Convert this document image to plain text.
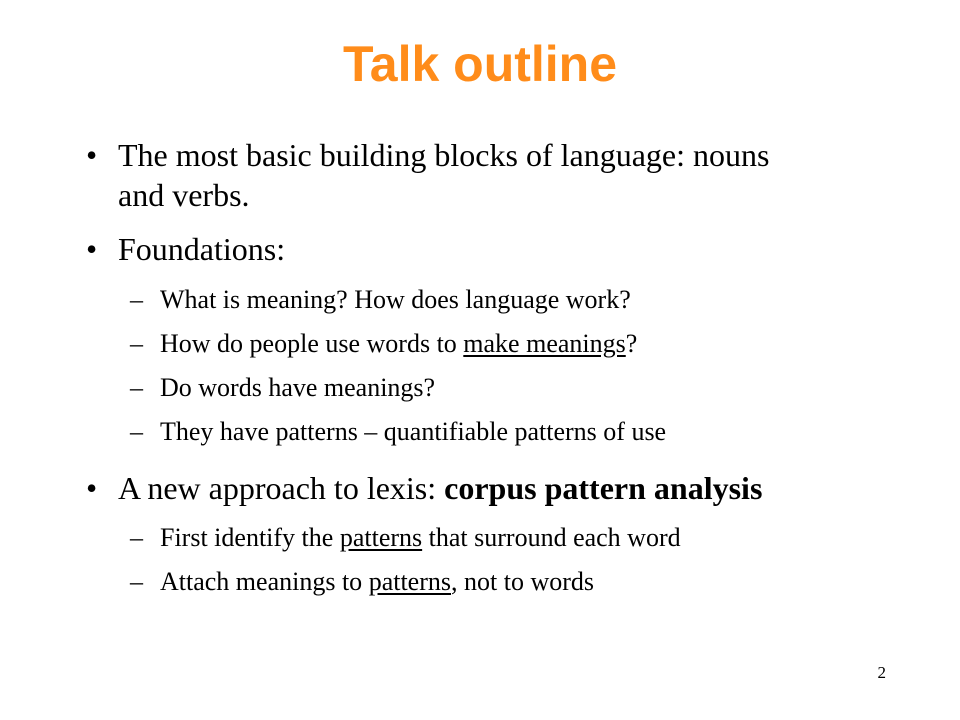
Talk outline
• The most basic building blocks of language: nouns
and verbs.
• Foundations:
– What is meaning? How does language work?
– How do people use words to make meanings?
– Do words have meanings?
– They have patterns – quantifiable patterns of use
• A new approach to lexis: corpus pattern analysis
– First identify the patterns that surround each word
– Attach meanings to patterns, not to words
2
